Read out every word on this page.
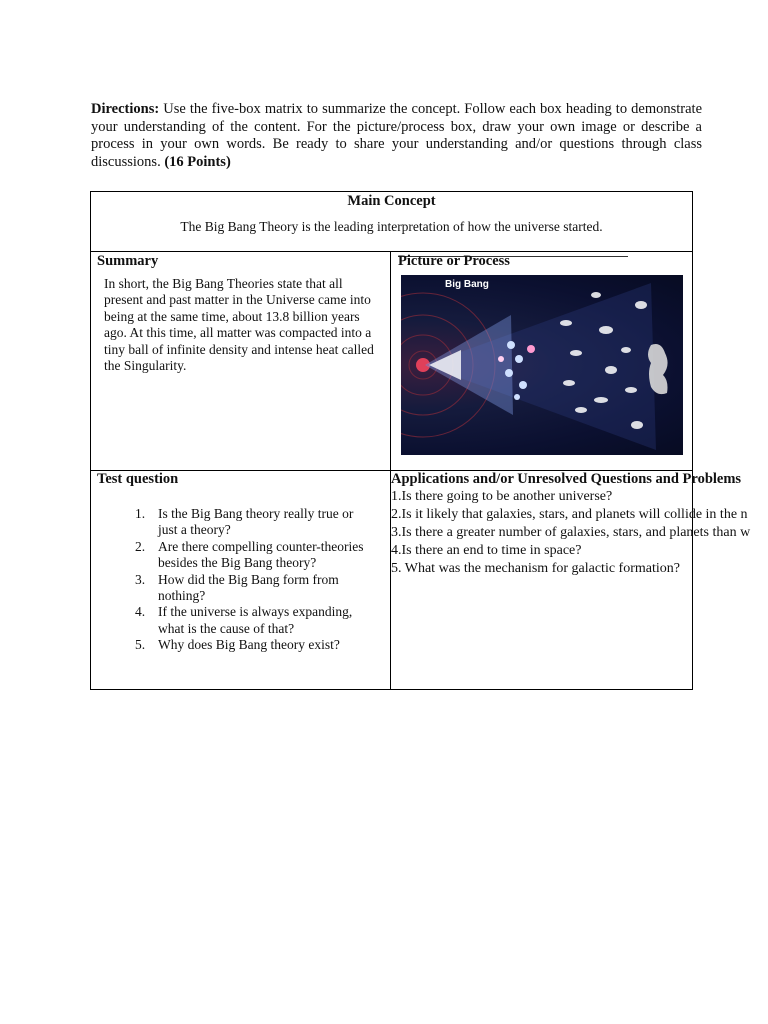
Directions: Use the five-box matrix to summarize the concept. Follow each box heading to demonstrate your understanding of the content. For the picture/process box, draw your own image or describe a process in your own words. Be ready to share your understanding and/or questions through class discussions. (16 Points)

Main Concept
The Big Bang Theory is the leading interpretation of how the universe started.
Summary
In short, the Big Bang Theories state that all present and past matter in the Universe came into being at the same time, about 13.8 billion years ago. At this time, all matter was compacted into a tiny ball of infinite density and intense heat called the Singularity.
Picture or Process
Big Bang
Test question
1. Is the Big Bang theory really true or just a theory?
2. Are there compelling counter-theories besides the Big Bang theory?
3. How did the Big Bang form from nothing?
4. If the universe is always expanding, what is the cause of that?
5. Why does Big Bang theory exist?
Applications and/or Unresolved Questions and Problems
1.Is there going to be another universe?
2.Is it likely that galaxies, stars, and planets will collide in the n
3.Is there a greater number of galaxies, stars, and planets than w
4.Is there an end to time in space?
5. What was the mechanism for galactic formation?
